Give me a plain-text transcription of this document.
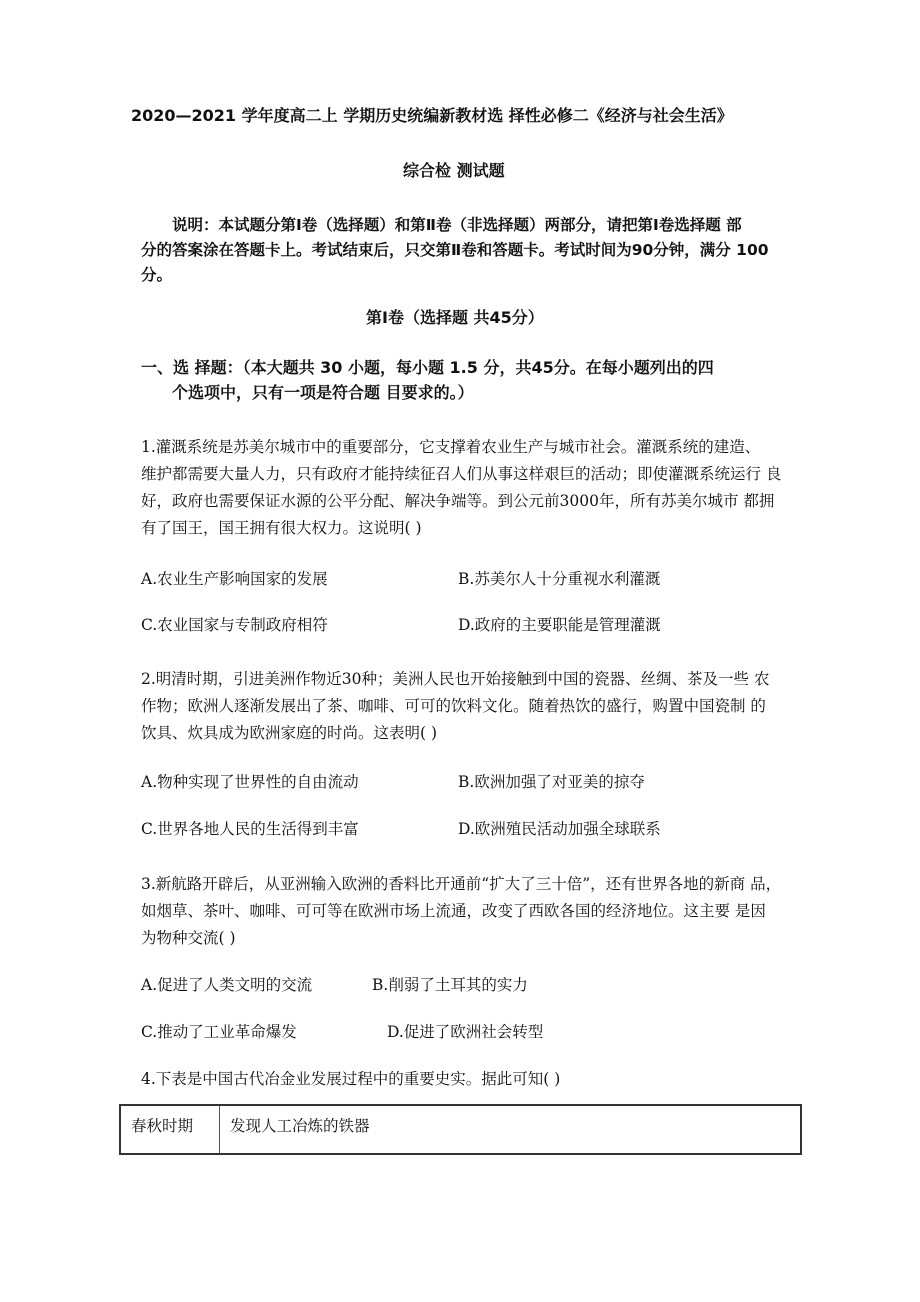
2020—2021 学年度高二上 学期历史统编新教材选 择性必修二《经济与社会生活》
综合检 测试题
说明：本试题分第Ⅰ卷（选择题）和第Ⅱ卷（非选择题）两部分，请把第Ⅰ卷选择题 部
分的答案涂在答题卡上。考试结束后，只交第Ⅱ卷和答题卡。考试时间为90分钟，满分 100
分。
第Ⅰ卷（选择题 共45分）
一、选 择题：（本大题共 30 小题，每小题 1.5 分，共45分。在每小题列出的四
个选项中，只有一项是符合题 目要求的。）
1.灌溉系统是苏美尔城市中的重要部分，它支撑着农业生产与城市社会。灌溉系统的建造、
维护都需要大量人力，只有政府才能持续征召人们从事这样艰巨的活动；即使灌溉系统运行 良
好，政府也需要保证水源的公平分配、解决争端等。到公元前3000年，所有苏美尔城市 都拥
有了国王，国王拥有很大权力。这说明( )
A.农业生产影响国家的发展	B.苏美尔人十分重视水利灌溉
C.农业国家与专制政府相符	D.政府的主要职能是管理灌溉
2.明清时期，引进美洲作物近30种；美洲人民也开始接触到中国的瓷器、丝绸、茶及一些 农
作物；欧洲人逐渐发展出了茶、咖啡、可可的饮料文化。随着热饮的盛行，购置中国瓷制 的
饮具、炊具成为欧洲家庭的时尚。这表明( )
A.物种实现了世界性的自由流动	B.欧洲加强了对亚美的掠夺
C.世界各地人民的生活得到丰富	D.欧洲殖民活动加强全球联系
3.新航路开辟后，从亚洲输入欧洲的香料比开通前“扩大了三十倍”，还有世界各地的新商 品，
如烟草、茶叶、咖啡、可可等在欧洲市场上流通，改变了西欧各国的经济地位。这主要 是因
为物种交流( )
A.促进了人类文明的交流	B.削弱了土耳其的实力
C.推动了工业革命爆发	D.促进了欧洲社会转型
4.下表是中国古代冶金业发展过程中的重要史实。据此可知( )
春秋时期	发现人工冶炼的铁器
